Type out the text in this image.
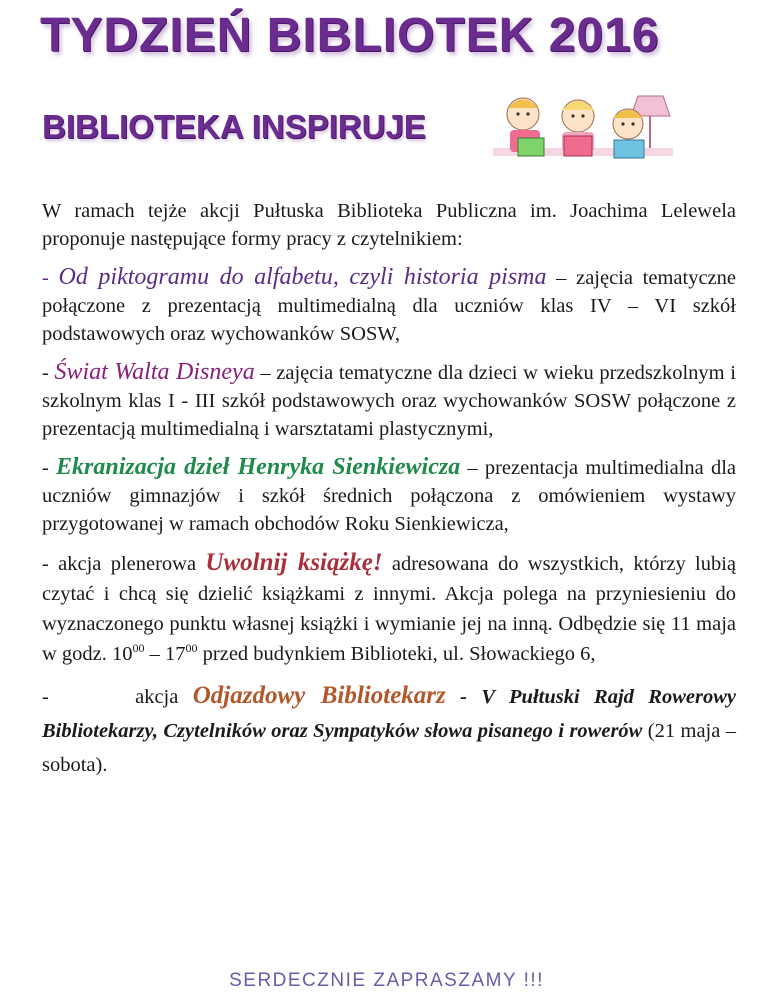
TYDZIEŃ BIBLIOTEK 2016
BIBLIOTEKA INSPIRUJE

W ramach tejże akcji Pułtuska Biblioteka Publiczna im. Joachima Lelewela proponuje następujące formy pracy z czytelnikiem:

- Od piktogramu do alfabetu, czyli historia pisma – zajęcia tematyczne połączone z prezentacją multimedialną dla uczniów klas IV – VI szkół podstawowych oraz wychowanków SOSW,

- Świat Walta Disneya – zajęcia tematyczne dla dzieci w wieku przedszkolnym i szkolnym klas I - III szkół podstawowych oraz wychowanków SOSW połączone z prezentacją multimedialną i warsztatami plastycznymi,

- Ekranizacja dzieł Henryka Sienkiewicza – prezentacja multimedialna dla uczniów gimnazjów i szkół średnich połączona z omówieniem wystawy przygotowanej w ramach obchodów Roku Sienkiewicza,

- akcja plenerowa Uwolnij książkę! adresowana do wszystkich, którzy lubią czytać i chcą się dzielić książkami z innymi. Akcja polega na przyniesieniu do wyznaczonego punktu własnej książki i wymianie jej na inną. Odbędzie się 11 maja w godz. $10^{00} - 17^{00}$ przed budynkiem Biblioteki, ul. Słowackiego 6,

-      akcja Odjazdowy Bibliotekarz - V Pułtuski Rajd Rowerowy Bibliotekarzy, Czytelników oraz Sympatyków słowa pisanego i rowerów (21 maja – sobota).

SERDECZNIE ZAPRASZAMY !!!
